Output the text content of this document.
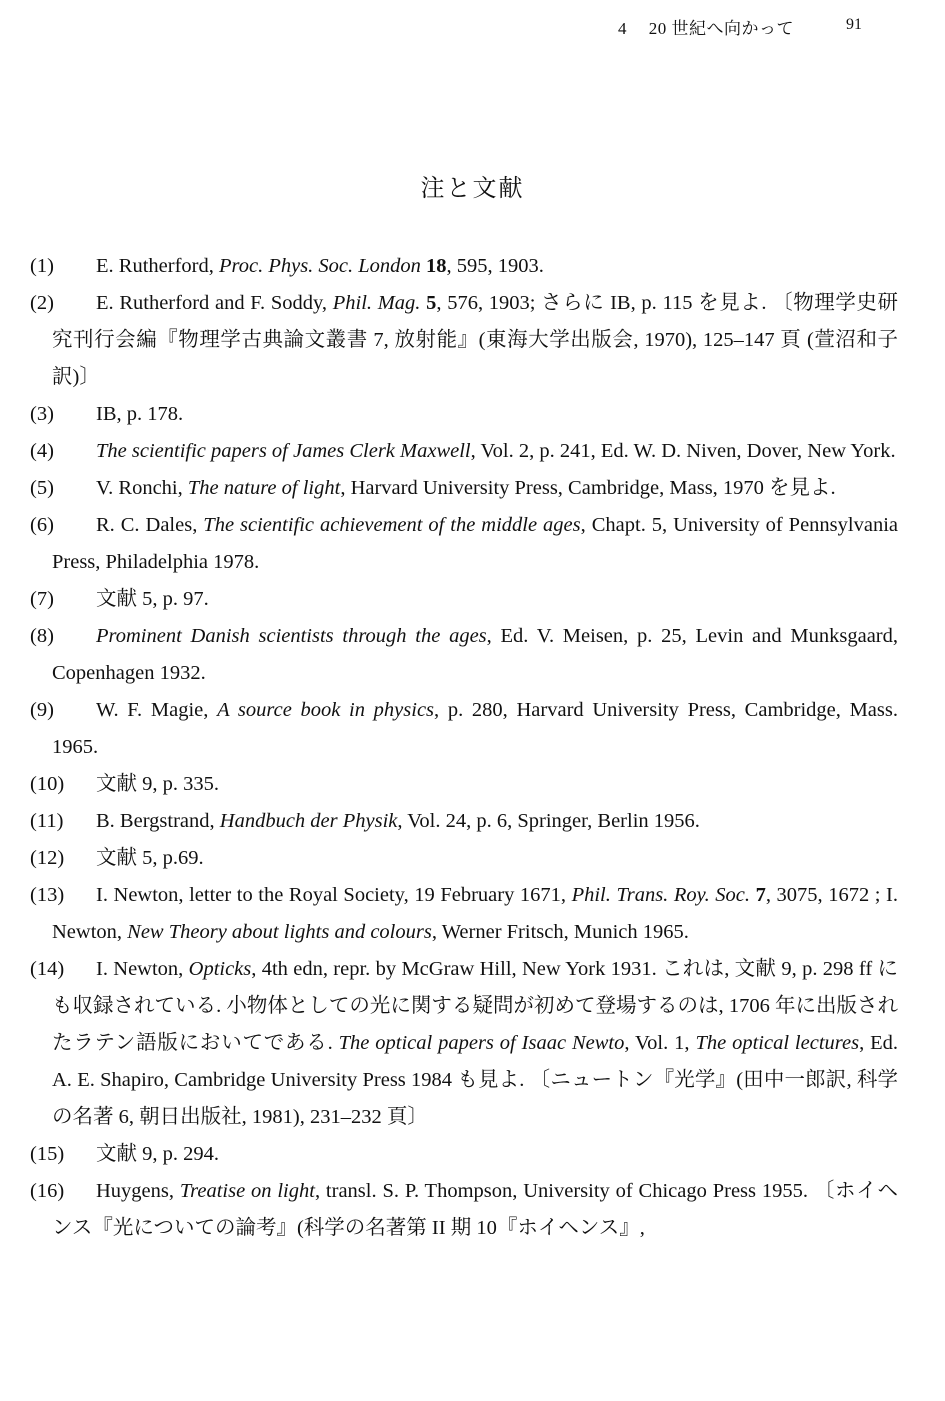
4 20 世紀へ向かって	91
注と文献
(1) E. Rutherford, Proc. Phys. Soc. London 18, 595, 1903.
(2) E. Rutherford and F. Soddy, Phil. Mag. 5, 576, 1903; さらに IB, p. 115 を見よ. 〔物理学史研究刊行会編『物理学古典論文叢書 7, 放射能』(東海大学出版会, 1970), 125–147 頁 (萱沼和子訳)〕
(3) IB, p. 178.
(4) The scientific papers of James Clerk Maxwell, Vol. 2, p. 241, Ed. W. D. Niven, Dover, New York.
(5) V. Ronchi, The nature of light, Harvard University Press, Cambridge, Mass, 1970 を見よ.
(6) R. C. Dales, The scientific achievement of the middle ages, Chapt. 5, University of Pennsylvania Press, Philadelphia 1978.
(7) 文献 5, p. 97.
(8) Prominent Danish scientists through the ages, Ed. V. Meisen, p. 25, Levin and Munksgaard, Copenhagen 1932.
(9) W. F. Magie, A source book in physics, p. 280, Harvard University Press, Cambridge, Mass. 1965.
(10) 文献 9, p. 335.
(11) B. Bergstrand, Handbuch der Physik, Vol. 24, p. 6, Springer, Berlin 1956.
(12) 文献 5, p.69.
(13) I. Newton, letter to the Royal Society, 19 February 1671, Phil. Trans. Roy. Soc. 7, 3075, 1672 ; I. Newton, New Theory about lights and colours, Werner Fritsch, Munich 1965.
(14) I. Newton, Opticks, 4th edn, repr. by McGraw Hill, New York 1931. これは, 文献 9, p. 298 ff にも収録されている. 小物体としての光に関する疑問が初めて登場するのは, 1706 年に出版されたラテン語版においてである. The optical papers of Isaac Newto, Vol. 1, The optical lectures, Ed. A. E. Shapiro, Cambridge University Press 1984 も見よ. 〔ニュートン『光学』(田中一郎訳, 科学の名著 6, 朝日出版社, 1981), 231–232 頁〕
(15) 文献 9, p. 294.
(16) Huygens, Treatise on light, transl. S. P. Thompson, University of Chicago Press 1955. 〔ホイヘンス『光についての論考』(科学の名著第 II 期 10『ホイヘンス』,
